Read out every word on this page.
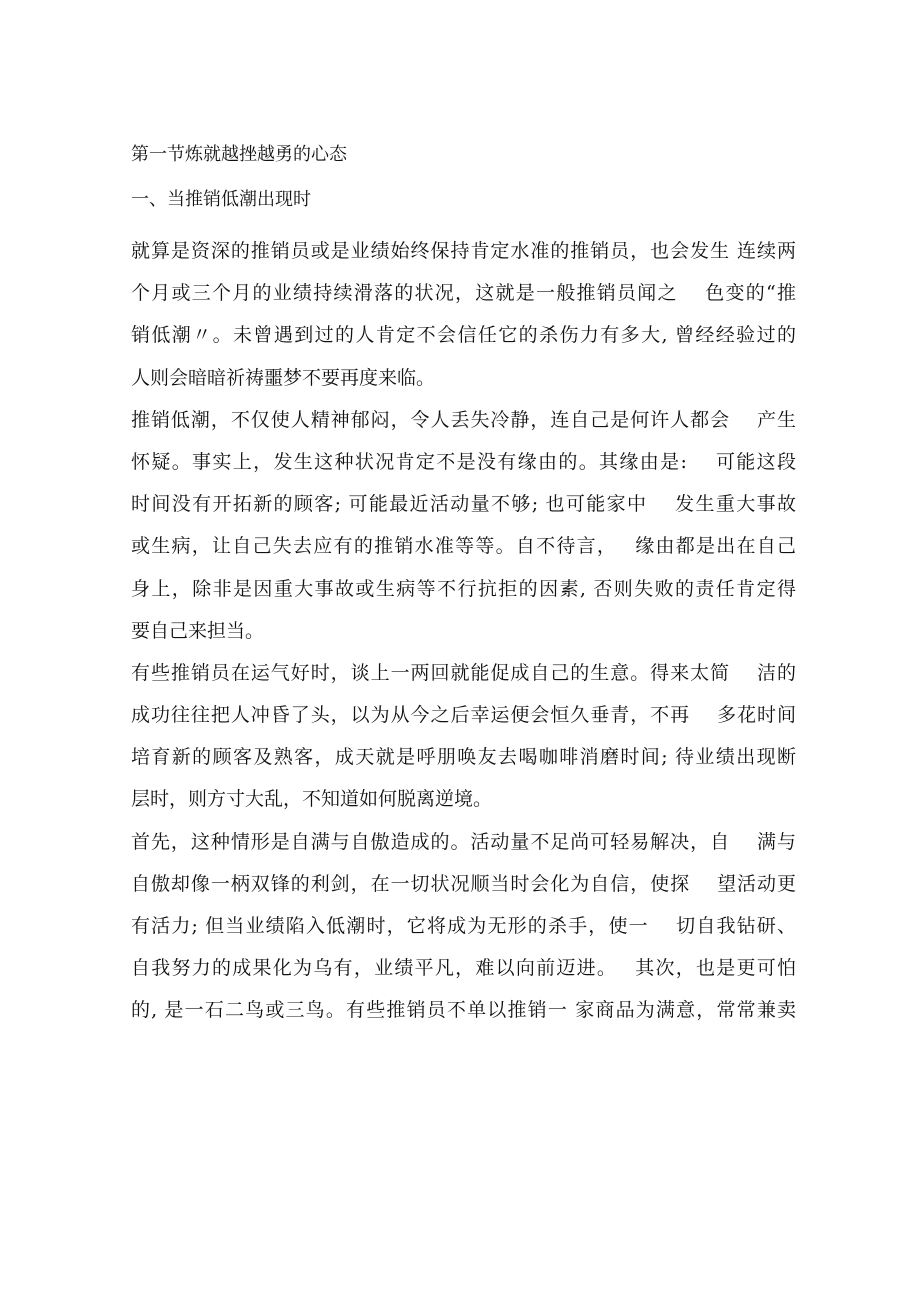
第一节炼就越挫越勇的心态
一、当推销低潮出现时
就算是资深的推销员或是业绩始终保持肯定水准的推销员，也会发生 连续两
个月或三个月的业绩持续滑落的状况，这就是一般推销员闻之　 色变的“推
销低潮〃。未曾遇到过的人肯定不会信任它的杀伤力有多大, 曾经经验过的
人则会暗暗祈祷噩梦不要再度来临。
推销低潮，不仅使人精神郁闷，令人丢失冷静，连自己是何许人都会　 产生
怀疑。事实上，发生这种状况肯定不是没有缘由的。其缘由是:　 可能这段
时间没有开拓新的顾客; 可能最近活动量不够; 也可能家中　 发生重大事故
或生病，让自己失去应有的推销水准等等。自不待言，　 缘由都是出在自己
身上，除非是因重大事故或生病等不行抗拒的因素, 否则失败的责任肯定得
要自己来担当。
有些推销员在运气好时，谈上一两回就能促成自己的生意。得来太简　 洁的
成功往往把人冲昏了头，以为从今之后幸运便会恒久垂青，不再　 多花时间
培育新的顾客及熟客，成天就是呼朋唤友去喝咖啡消磨时间; 待业绩出现断
层时，则方寸大乱，不知道如何脱离逆境。
首先，这种情形是自满与自傲造成的。活动量不足尚可轻易解决，自　 满与
自傲却像一柄双锋的利剑，在一切状况顺当时会化为自信，使探　 望活动更
有活力; 但当业绩陷入低潮时，它将成为无形的杀手，使一　 切自我钻研、
自我努力的成果化为乌有，业绩平凡，难以向前迈进。　 其次，也是更可怕
的, 是一石二鸟或三鸟。有些推销员不单以推销一 家商品为满意，常常兼卖
